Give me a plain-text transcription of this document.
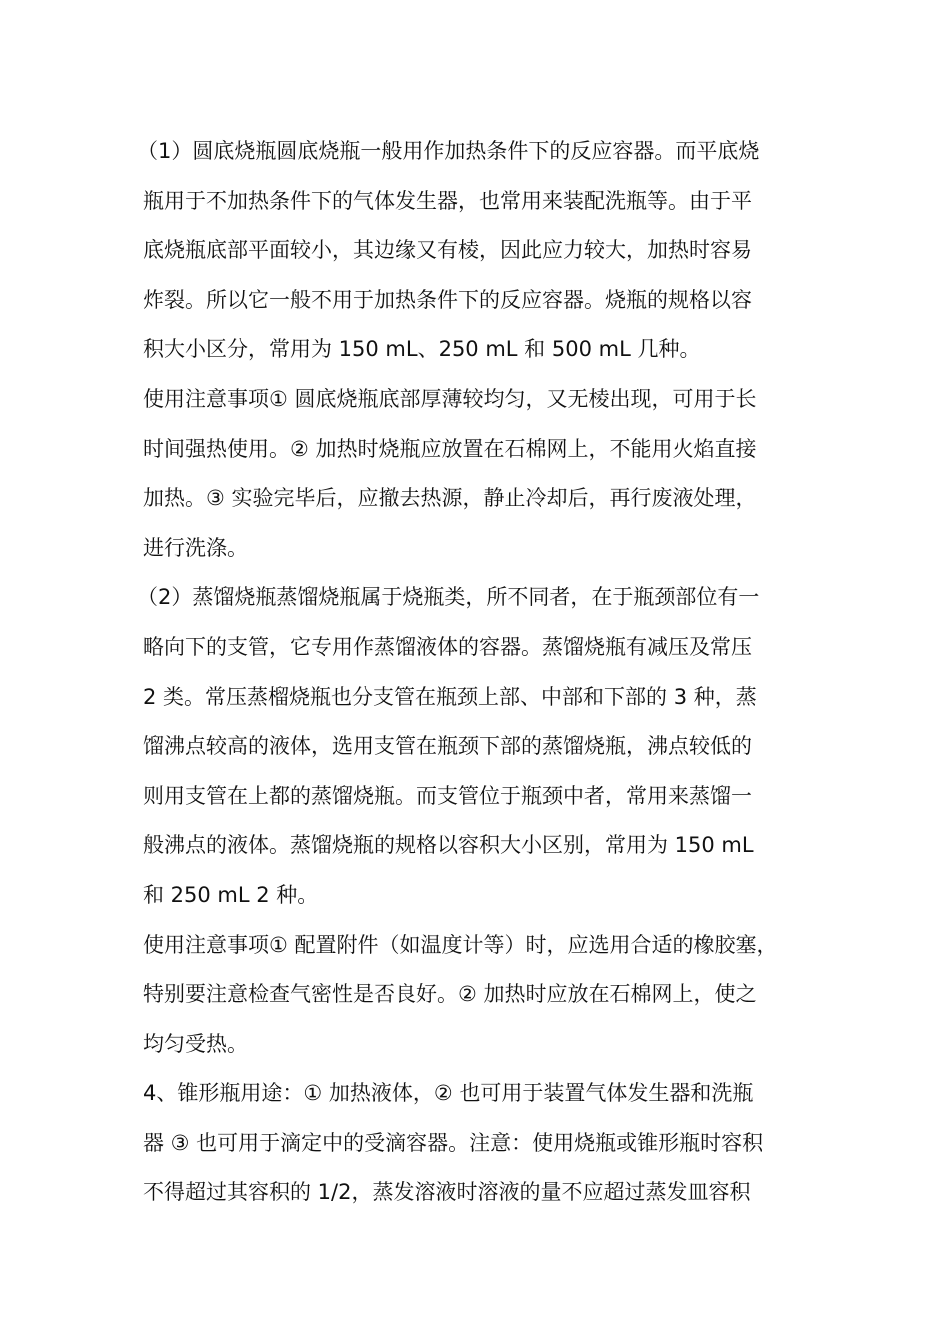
（1）圆底烧瓶圆底烧瓶一般用作加热条件下的反应容器。而平底烧
瓶用于不加热条件下的气体发生器，也常用来装配洗瓶等。由于平
底烧瓶底部平面较小，其边缘又有棱，因此应力较大，加热时容易
炸裂。所以它一般不用于加热条件下的反应容器。烧瓶的规格以容
积大小区分，常用为 150 mL、250 mL 和 500 mL 几种。
使用注意事项① 圆底烧瓶底部厚薄较均匀，又无棱出现，可用于长
时间强热使用。② 加热时烧瓶应放置在石棉网上，不能用火焰直接
加热。③ 实验完毕后，应撤去热源，静止冷却后，再行废液处理，
进行洗涤。
（2）蒸馏烧瓶蒸馏烧瓶属于烧瓶类，所不同者，在于瓶颈部位有一
略向下的支管，它专用作蒸馏液体的容器。蒸馏烧瓶有减压及常压
2 类。常压蒸榴烧瓶也分支管在瓶颈上部、中部和下部的 3 种，蒸
馏沸点较高的液体，选用支管在瓶颈下部的蒸馏烧瓶，沸点较低的
则用支管在上都的蒸馏烧瓶。而支管位于瓶颈中者，常用来蒸馏一
般沸点的液体。蒸馏烧瓶的规格以容积大小区别，常用为 150 mL
和 250 mL 2 种。
使用注意事项① 配置附件（如温度计等）时，应选用合适的橡胶塞，
特别要注意检查气密性是否良好。② 加热时应放在石棉网上，使之
均匀受热。
4、锥形瓶用途：① 加热液体，② 也可用于装置气体发生器和洗瓶
器 ③ 也可用于滴定中的受滴容器。注意：使用烧瓶或锥形瓶时容积
不得超过其容积的 1/2，蒸发溶液时溶液的量不应超过蒸发皿容积
